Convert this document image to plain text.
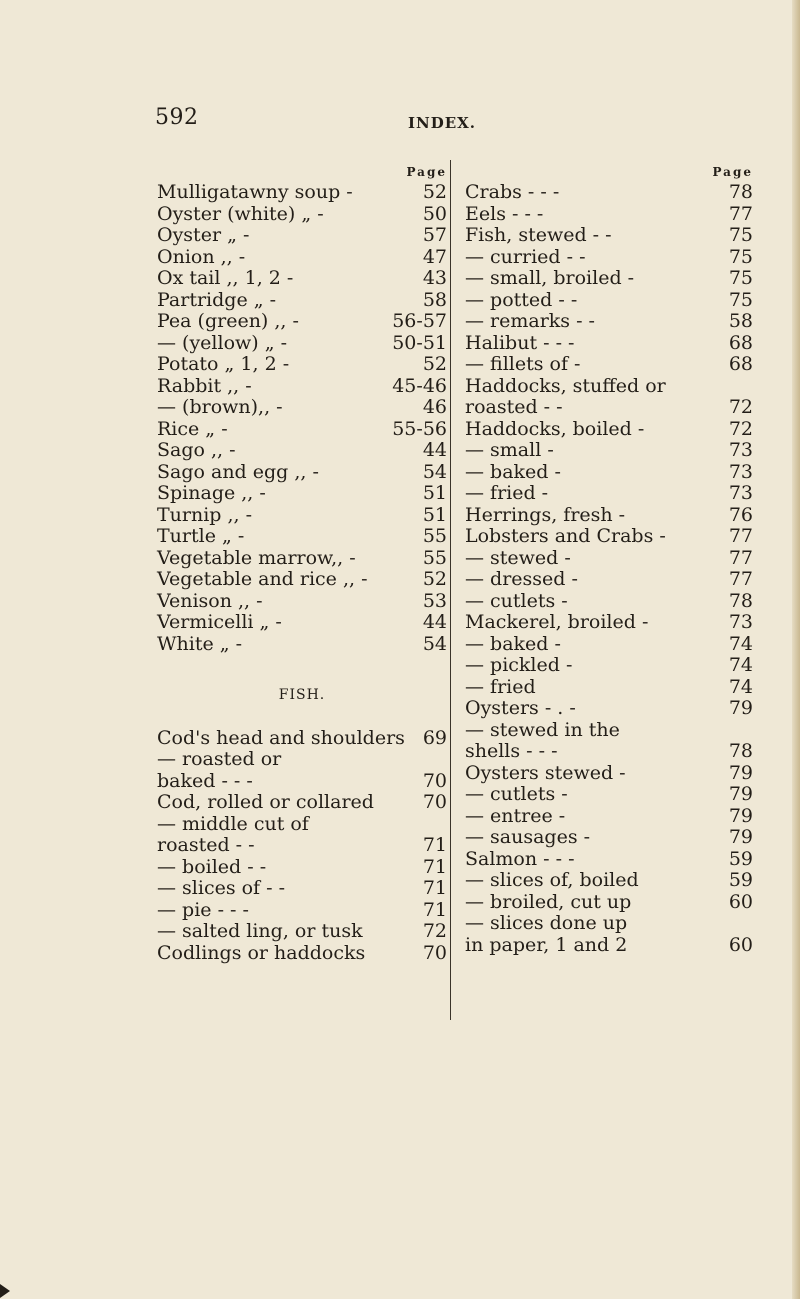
592	INDEX.
Page
Mulligatawny soup -	52
Oyster (white) „ -	50
Oyster „ -	57
Onion ,, -	47
Ox tail ,, 1, 2 -	43
Partridge „ -	58
Pea (green) ,, -	56-57
— (yellow) „ -	50-51
Potato „ 1, 2 -	52
Rabbit ,, -	45-46
— (brown),, -	46
Rice „ -	55-56
Sago ,, -	44
Sago and egg ,, -	54
Spinage ,, -	51
Turnip ,, -	51
Turtle „ -	55
Vegetable marrow,, -	55
Vegetable and rice ,, -	52
Venison ,, -	53
Vermicelli „ -	44
White „ -	54
FISH.
Cod's head and shoulders 69
— roasted or
baked - - -	70
Cod, rolled or collared	70
— middle cut of
roasted - -	71
— boiled - -	71
— slices of - -	71
— pie - - -	71
— salted ling, or tusk	72
Codlings or haddocks	70
Page
Crabs - - -	78
Eels - - -	77
Fish, stewed - -	75
— curried - -	75
— small, broiled -	75
— potted - -	75
— remarks - -	58
Halibut - - -	68
— fillets of -	68
Haddocks, stuffed or
roasted - -	72
Haddocks, boiled -	72
— small -	73
— baked -	73
— fried -	73
Herrings, fresh -	76
Lobsters and Crabs -	77
— stewed -	77
— dressed -	77
— cutlets -	78
Mackerel, broiled -	73
— baked -	74
— pickled -	74
— fried	74
Oysters - . -	79
— stewed in the
shells - - -	78
Oysters stewed -	79
— cutlets -	79
— entree -	79
— sausages -	79
Salmon - - -	59
— slices of, boiled	59
— broiled, cut up	60
— slices done up
in paper, 1 and 2	60
